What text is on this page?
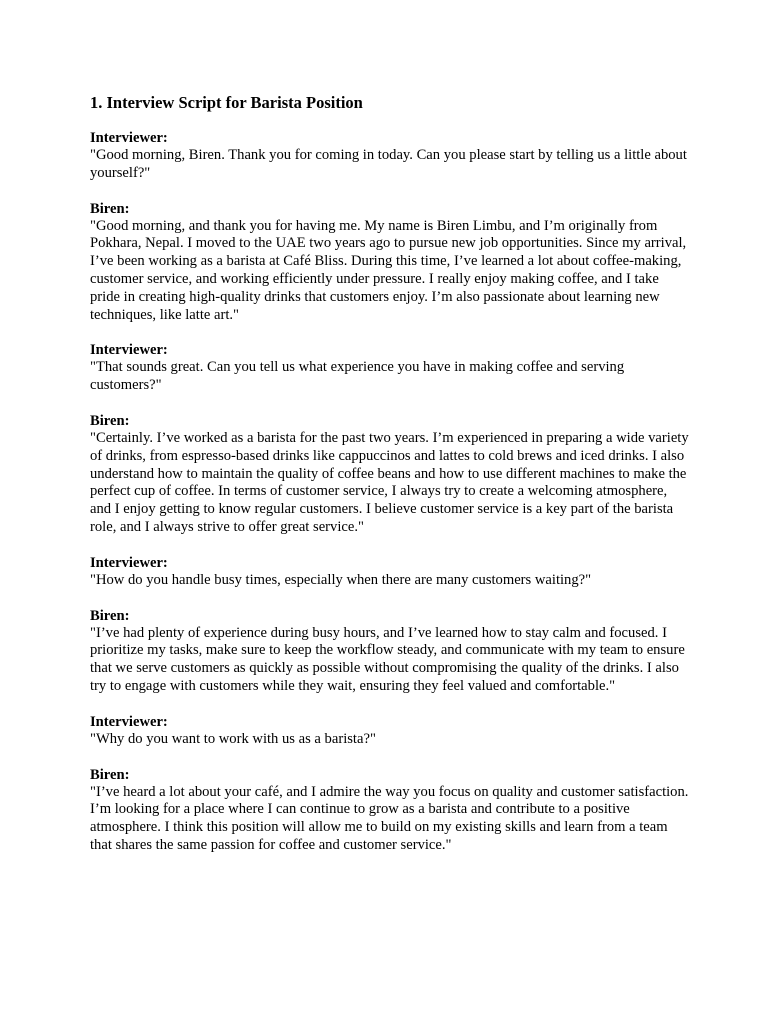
1. Interview Script for Barista Position
Interviewer:
"Good morning, Biren. Thank you for coming in today. Can you please start by telling us a little about yourself?"
Biren:
"Good morning, and thank you for having me. My name is Biren Limbu, and I’m originally from Pokhara, Nepal. I moved to the UAE two years ago to pursue new job opportunities. Since my arrival, I’ve been working as a barista at Café Bliss. During this time, I’ve learned a lot about coffee-making, customer service, and working efficiently under pressure. I really enjoy making coffee, and I take pride in creating high-quality drinks that customers enjoy. I’m also passionate about learning new techniques, like latte art."
Interviewer:
"That sounds great. Can you tell us what experience you have in making coffee and serving customers?"
Biren:
"Certainly. I’ve worked as a barista for the past two years. I’m experienced in preparing a wide variety of drinks, from espresso-based drinks like cappuccinos and lattes to cold brews and iced drinks. I also understand how to maintain the quality of coffee beans and how to use different machines to make the perfect cup of coffee. In terms of customer service, I always try to create a welcoming atmosphere, and I enjoy getting to know regular customers. I believe customer service is a key part of the barista role, and I always strive to offer great service."
Interviewer:
"How do you handle busy times, especially when there are many customers waiting?"
Biren:
"I’ve had plenty of experience during busy hours, and I’ve learned how to stay calm and focused. I prioritize my tasks, make sure to keep the workflow steady, and communicate with my team to ensure that we serve customers as quickly as possible without compromising the quality of the drinks. I also try to engage with customers while they wait, ensuring they feel valued and comfortable."
Interviewer:
"Why do you want to work with us as a barista?"
Biren:
"I’ve heard a lot about your café, and I admire the way you focus on quality and customer satisfaction. I’m looking for a place where I can continue to grow as a barista and contribute to a positive atmosphere. I think this position will allow me to build on my existing skills and learn from a team that shares the same passion for coffee and customer service."
